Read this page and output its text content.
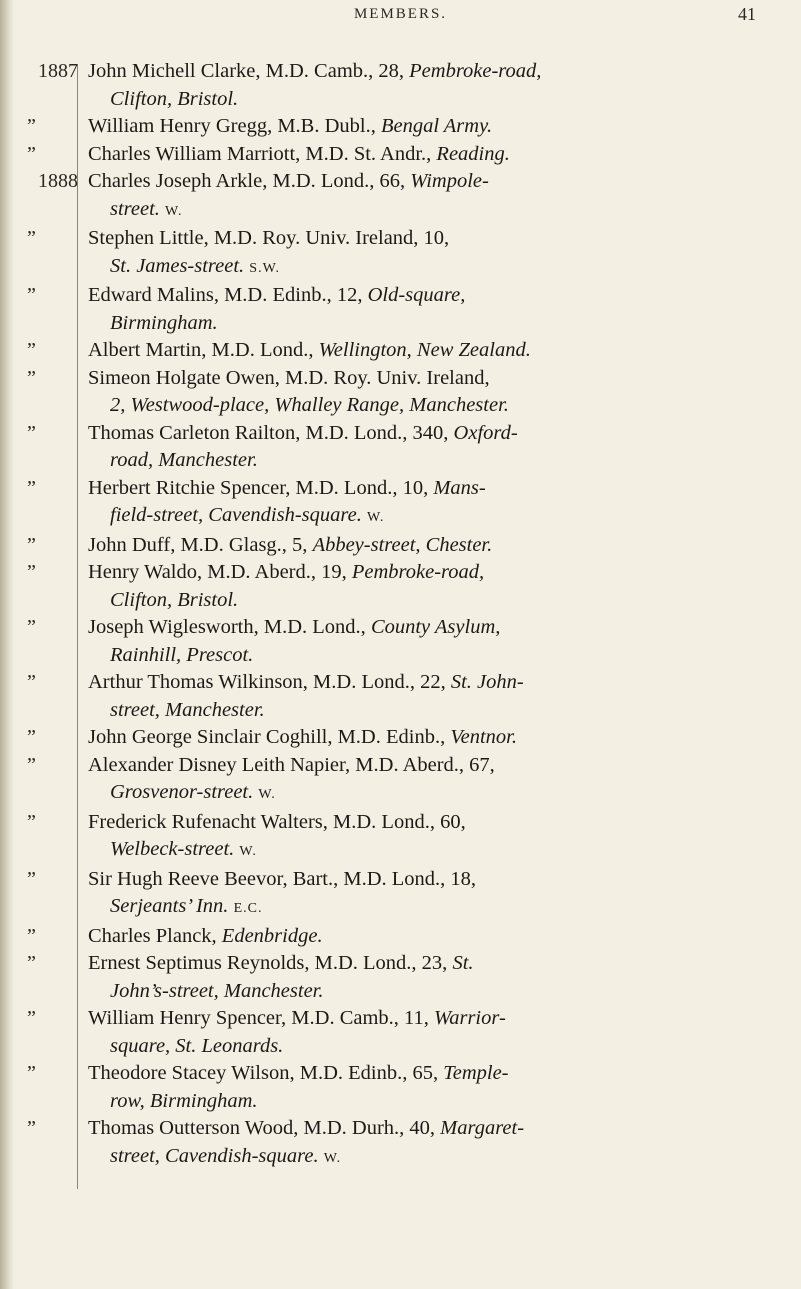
MEMBERS.	41
1887 John Michell Clarke, M.D. Camb., 28, Pembroke-road,
Clifton, Bristol.
”	William Henry Gregg, M.B. Dubl., Bengal Army.
”	Charles William Marriott, M.D. St. Andr., Reading.
1888 Charles Joseph Arkle, M.D. Lond., 66, Wimpole-
street. W.
”	Stephen Little, M.D. Roy. Univ. Ireland, 10,
St. James-street. S.W.
”	Edward Malins, M.D. Edinb., 12, Old-square,
Birmingham.
”	Albert Martin, M.D. Lond., Wellington, New Zealand.
”	Simeon Holgate Owen, M.D. Roy. Univ. Ireland,
2, Westwood-place, Whalley Range, Manchester.
”	Thomas Carleton Railton, M.D. Lond., 340, Oxford-
road, Manchester.
”	Herbert Ritchie Spencer, M.D. Lond., 10, Mans-
field-street, Cavendish-square. W.
”	John Duff, M.D. Glasg., 5, Abbey-street, Chester.
”	Henry Waldo, M.D. Aberd., 19, Pembroke-road,
Clifton, Bristol.
”	Joseph Wiglesworth, M.D. Lond., County Asylum,
Rainhill, Prescot.
”	Arthur Thomas Wilkinson, M.D. Lond., 22, St. John-
street, Manchester.
”	John George Sinclair Coghill, M.D. Edinb., Ventnor.
”	Alexander Disney Leith Napier, M.D. Aberd., 67,
Grosvenor-street. W.
”	Frederick Rufenacht Walters, M.D. Lond., 60,
Welbeck-street. W.
”	Sir Hugh Reeve Beevor, Bart., M.D. Lond., 18,
Serjeants’ Inn. E.C.
”	Charles Planck, Edenbridge.
”	Ernest Septimus Reynolds, M.D. Lond., 23, St.
John’s-street, Manchester.
”	William Henry Spencer, M.D. Camb., 11, Warrior-
square, St. Leonards.
”	Theodore Stacey Wilson, M.D. Edinb., 65, Temple-
row, Birmingham.
”	Thomas Outterson Wood, M.D. Durh., 40, Margaret-
street, Cavendish-square. W.
